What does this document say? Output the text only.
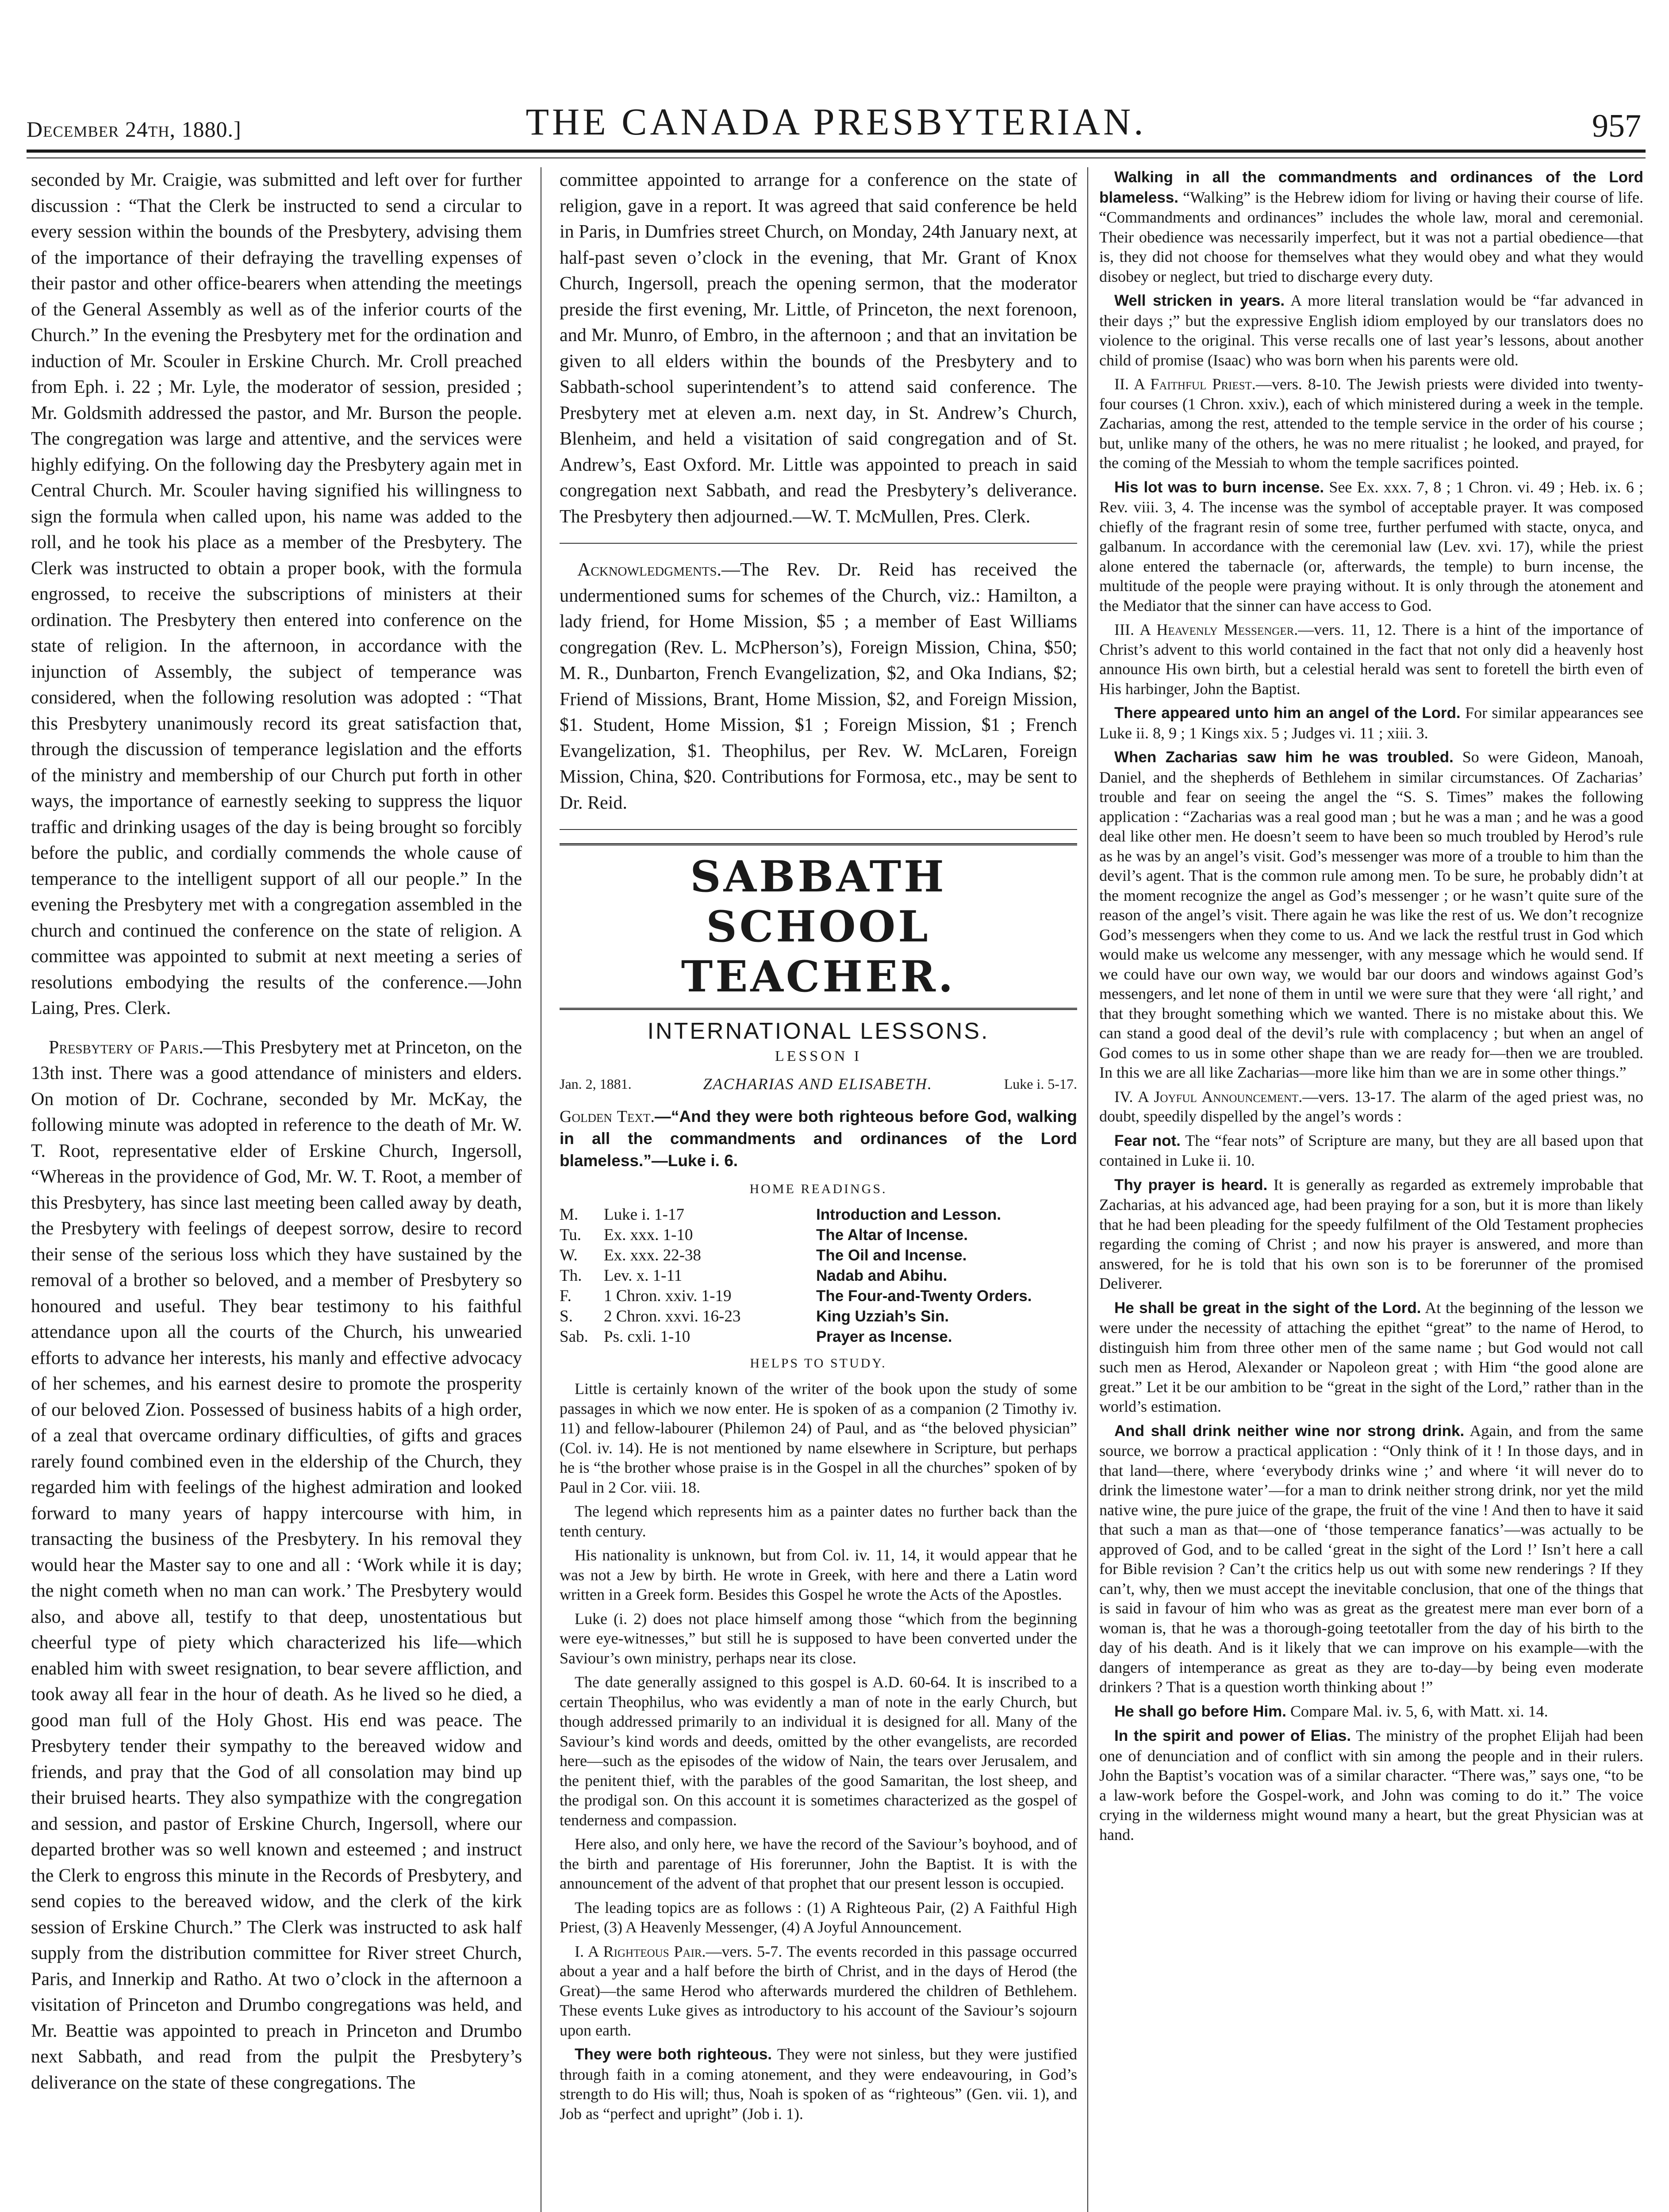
December 24th, 1880.]	THE CANADA PRESBYTERIAN.	957

seconded by Mr. Craigie, was submitted and left over for further discussion : “That the Clerk be instructed to send a circular to every session within the bounds of the Presbytery, advising them of the importance of their defraying the travelling expenses of their pastor and other office-bearers when attending the meetings of the General Assembly as well as of the inferior courts of the Church.” In the evening the Presbytery met for the ordination and induction of Mr. Scouler in Erskine Church. Mr. Croll preached from Eph. i. 22 ; Mr. Lyle, the moderator of session, presided ; Mr. Goldsmith addressed the pastor, and Mr. Burson the people. The congregation was large and attentive, and the services were highly edifying. On the following day the Presbytery again met in Central Church. Mr. Scouler having signified his willingness to sign the formula when called upon, his name was added to the roll, and he took his place as a member of the Presbytery. The Clerk was instructed to obtain a proper book, with the formula engrossed, to receive the subscriptions of ministers at their ordination. The Presbytery then entered into conference on the state of religion. In the afternoon, in accordance with the injunction of Assembly, the subject of temperance was considered, when the following resolution was adopted : “That this Presbytery unanimously record its great satisfaction that, through the discussion of temperance legislation and the efforts of the ministry and membership of our Church put forth in other ways, the importance of earnestly seeking to suppress the liquor traffic and drinking usages of the day is being brought so forcibly before the public, and cordially commends the whole cause of temperance to the intelligent support of all our people.” In the evening the Presbytery met with a congregation assembled in the church and continued the conference on the state of religion. A committee was appointed to submit at next meeting a series of resolutions embodying the results of the conference.—John Laing, Pres. Clerk.

Presbytery of Paris.—This Presbytery met at Princeton, on the 13th inst. There was a good attendance of ministers and elders. On motion of Dr. Cochrane, seconded by Mr. McKay, the following minute was adopted in reference to the death of Mr. W. T. Root, representative elder of Erskine Church, Ingersoll, “Whereas in the providence of God, Mr. W. T. Root, a member of this Presbytery, has since last meeting been called away by death, the Presbytery with feelings of deepest sorrow, desire to record their sense of the serious loss which they have sustained by the removal of a brother so beloved, and a member of Presbytery so honoured and useful. They bear testimony to his faithful attendance upon all the courts of the Church, his unwearied efforts to advance her interests, his manly and effective advocacy of her schemes, and his earnest desire to promote the prosperity of our beloved Zion. Possessed of business habits of a high order, of a zeal that overcame ordinary difficulties, of gifts and graces rarely found combined even in the eldership of the Church, they regarded him with feelings of the highest admiration and looked forward to many years of happy intercourse with him, in transacting the business of the Presbytery. In his removal they would hear the Master say to one and all : ‘Work while it is day; the night cometh when no man can work.’ The Presbytery would also, and above all, testify to that deep, unostentatious but cheerful type of piety which characterized his life—which enabled him with sweet resignation, to bear severe affliction, and took away all fear in the hour of death. As he lived so he died, a good man full of the Holy Ghost. His end was peace. The Presbytery tender their sympathy to the bereaved widow and friends, and pray that the God of all consolation may bind up their bruised hearts. They also sympathize with the congregation and session, and pastor of Erskine Church, Ingersoll, where our departed brother was so well known and esteemed ; and instruct the Clerk to engross this minute in the Records of Presbytery, and send copies to the bereaved widow, and the clerk of the kirk session of Erskine Church.” The Clerk was instructed to ask half supply from the distribution committee for River street Church, Paris, and Innerkip and Ratho. At two o’clock in the afternoon a visitation of Princeton and Drumbo congregations was held, and Mr. Beattie was appointed to preach in Princeton and Drumbo next Sabbath, and read from the pulpit the Presbytery’s deliverance on the state of these congregations. The

committee appointed to arrange for a conference on the state of religion, gave in a report. It was agreed that said conference be held in Paris, in Dumfries street Church, on Monday, 24th January next, at half-past seven o’clock in the evening, that Mr. Grant of Knox Church, Ingersoll, preach the opening sermon, that the moderator preside the first evening, Mr. Little, of Princeton, the next forenoon, and Mr. Munro, of Embro, in the afternoon ; and that an invitation be given to all elders within the bounds of the Presbytery and to Sabbath-school superintendent’s to attend said conference. The Presbytery met at eleven a.m. next day, in St. Andrew’s Church, Blenheim, and held a visitation of said congregation and of St. Andrew’s, East Oxford. Mr. Little was appointed to preach in said congregation next Sabbath, and read the Presbytery’s deliverance. The Presbytery then adjourned.—W. T. McMullen, Pres. Clerk.

Acknowledgments.—The Rev. Dr. Reid has received the undermentioned sums for schemes of the Church, viz.: Hamilton, a lady friend, for Home Mission, $5 ; a member of East Williams congregation (Rev. L. McPherson’s), Foreign Mission, China, $50; M. R., Dunbarton, French Evangelization, $2, and Oka Indians, $2; Friend of Missions, Brant, Home Mission, $2, and Foreign Mission, $1. Student, Home Mission, $1 ; Foreign Mission, $1 ; French Evangelization, $1. Theophilus, per Rev. W. McLaren, Foreign Mission, China, $20. Contributions for Formosa, etc., may be sent to Dr. Reid.

SABBATH SCHOOL TEACHER.
INTERNATIONAL LESSONS.
LESSON I
Jan. 2, 1881.	ZACHARIAS AND ELISABETH.	Luke i. 5-17.
Golden Text.—“And they were both righteous before God, walking in all the commandments and ordinances of the Lord blameless.”—Luke i. 6.
HOME READINGS.
M.	Luke i. 1-17	Introduction and Lesson.
Tu.	Ex. xxx. 1-10	The Altar of Incense.
W.	Ex. xxx. 22-38	The Oil and Incense.
Th.	Lev. x. 1-11	Nadab and Abihu.
F.	1 Chron. xxiv. 1-19	The Four-and-Twenty Orders.
S.	2 Chron. xxvi. 16-23	King Uzziah’s Sin.
Sab.	Ps. cxli. 1-10	Prayer as Incense.
HELPS TO STUDY.

Little is certainly known of the writer of the book upon the study of some passages in which we now enter. He is spoken of as a companion (2 Timothy iv. 11) and fellow-labourer (Philemon 24) of Paul, and as “the beloved physician” (Col. iv. 14). He is not mentioned by name elsewhere in Scripture, but perhaps he is “the brother whose praise is in the Gospel in all the churches” spoken of by Paul in 2 Cor. viii. 18.

The legend which represents him as a painter dates no further back than the tenth century.

His nationality is unknown, but from Col. iv. 11, 14, it would appear that he was not a Jew by birth. He wrote in Greek, with here and there a Latin word written in a Greek form. Besides this Gospel he wrote the Acts of the Apostles.

Luke (i. 2) does not place himself among those “which from the beginning were eye-witnesses,” but still he is supposed to have been converted under the Saviour’s own ministry, perhaps near its close.

The date generally assigned to this gospel is A.D. 60-64. It is inscribed to a certain Theophilus, who was evidently a man of note in the early Church, but though addressed primarily to an individual it is designed for all. Many of the Saviour’s kind words and deeds, omitted by the other evangelists, are recorded here—such as the episodes of the widow of Nain, the tears over Jerusalem, and the penitent thief, with the parables of the good Samaritan, the lost sheep, and the prodigal son. On this account it is sometimes characterized as the gospel of tenderness and compassion.

Here also, and only here, we have the record of the Saviour’s boyhood, and of the birth and parentage of His forerunner, John the Baptist. It is with the announcement of the advent of that prophet that our present lesson is occupied.

The leading topics are as follows : (1) A Righteous Pair, (2) A Faithful High Priest, (3) A Heavenly Messenger, (4) A Joyful Announcement.

I. A Righteous Pair.—vers. 5-7. The events recorded in this passage occurred about a year and a half before the birth of Christ, and in the days of Herod (the Great)—the same Herod who afterwards murdered the children of Bethlehem. These events Luke gives as introductory to his account of the Saviour’s sojourn upon earth.

They were both righteous. They were not sinless, but they were justified through faith in a coming atonement, and they were endeavouring, in God’s strength to do His will; thus, Noah is spoken of as “righteous” (Gen. vii. 1), and Job as “perfect and upright” (Job i. 1).

Walking in all the commandments and ordinances of the Lord blameless. “Walking” is the Hebrew idiom for living or having their course of life. “Commandments and ordinances” includes the whole law, moral and ceremonial. Their obedience was necessarily imperfect, but it was not a partial obedience—that is, they did not choose for themselves what they would obey and what they would disobey or neglect, but tried to discharge every duty.

Well stricken in years. A more literal translation would be “far advanced in their days ;” but the expressive English idiom employed by our translators does no violence to the original. This verse recalls one of last year’s lessons, about another child of promise (Isaac) who was born when his parents were old.

II. A Faithful Priest.—vers. 8-10. The Jewish priests were divided into twenty-four courses (1 Chron. xxiv.), each of which ministered during a week in the temple. Zacharias, among the rest, attended to the temple service in the order of his course ; but, unlike many of the others, he was no mere ritualist ; he looked, and prayed, for the coming of the Messiah to whom the temple sacrifices pointed.

His lot was to burn incense. See Ex. xxx. 7, 8 ; 1 Chron. vi. 49 ; Heb. ix. 6 ; Rev. viii. 3, 4. The incense was the symbol of acceptable prayer. It was composed chiefly of the fragrant resin of some tree, further perfumed with stacte, onyca, and galbanum. In accordance with the ceremonial law (Lev. xvi. 17), while the priest alone entered the tabernacle (or, afterwards, the temple) to burn incense, the multitude of the people were praying without. It is only through the atonement and the Mediator that the sinner can have access to God.

III. A Heavenly Messenger.—vers. 11, 12. There is a hint of the importance of Christ’s advent to this world contained in the fact that not only did a heavenly host announce His own birth, but a celestial herald was sent to foretell the birth even of His harbinger, John the Baptist.

There appeared unto him an angel of the Lord. For similar appearances see Luke ii. 8, 9 ; 1 Kings xix. 5 ; Judges vi. 11 ; xiii. 3.

When Zacharias saw him he was troubled. So were Gideon, Manoah, Daniel, and the shepherds of Bethlehem in similar circumstances. Of Zacharias’ trouble and fear on seeing the angel the “S. S. Times” makes the following application : “Zacharias was a real good man ; but he was a man ; and he was a good deal like other men. He doesn’t seem to have been so much troubled by Herod’s rule as he was by an angel’s visit. God’s messenger was more of a trouble to him than the devil’s agent. That is the common rule among men. To be sure, he probably didn’t at the moment recognize the angel as God’s messenger ; or he wasn’t quite sure of the reason of the angel’s visit. There again he was like the rest of us. We don’t recognize God’s messengers when they come to us. And we lack the restful trust in God which would make us welcome any messenger, with any message which he would send. If we could have our own way, we would bar our doors and windows against God’s messengers, and let none of them in until we were sure that they were ‘all right,’ and that they brought something which we wanted. There is no mistake about this. We can stand a good deal of the devil’s rule with complacency ; but when an angel of God comes to us in some other shape than we are ready for—then we are troubled. In this we are all like Zacharias—more like him than we are in some other things.”

IV. A Joyful Announcement.—vers. 13-17. The alarm of the aged priest was, no doubt, speedily dispelled by the angel’s words :

Fear not. The “fear nots” of Scripture are many, but they are all based upon that contained in Luke ii. 10.

Thy prayer is heard. It is generally as regarded as extremely improbable that Zacharias, at his advanced age, had been praying for a son, but it is more than likely that he had been pleading for the speedy fulfilment of the Old Testament prophecies regarding the coming of Christ ; and now his prayer is answered, and more than answered, for he is told that his own son is to be forerunner of the promised Deliverer.

He shall be great in the sight of the Lord. At the beginning of the lesson we were under the necessity of attaching the epithet “great” to the name of Herod, to distinguish him from three other men of the same name ; but God would not call such men as Herod, Alexander or Napoleon great ; with Him “the good alone are great.” Let it be our ambition to be “great in the sight of the Lord,” rather than in the world’s estimation.

And shall drink neither wine nor strong drink. Again, and from the same source, we borrow a practical application : “Only think of it ! In those days, and in that land—there, where ‘everybody drinks wine ;’ and where ‘it will never do to drink the limestone water’—for a man to drink neither strong drink, nor yet the mild native wine, the pure juice of the grape, the fruit of the vine ! And then to have it said that such a man as that—one of ‘those temperance fanatics’—was actually to be approved of God, and to be called ‘great in the sight of the Lord !’ Isn’t here a call for Bible revision ? Can’t the critics help us out with some new renderings ? If they can’t, why, then we must accept the inevitable conclusion, that one of the things that is said in favour of him who was as great as the greatest mere man ever born of a woman is, that he was a thorough-going teetotaller from the day of his birth to the day of his death. And is it likely that we can improve on his example—with the dangers of intemperance as great as they are to-day—by being even moderate drinkers ? That is a question worth thinking about !”

He shall go before Him. Compare Mal. iv. 5, 6, with Matt. xi. 14.

In the spirit and power of Elias. The ministry of the prophet Elijah had been one of denunciation and of conflict with sin among the people and in their rulers. John the Baptist’s vocation was of a similar character. “There was,” says one, “to be a law-work before the Gospel-work, and John was coming to do it.” The voice crying in the wilderness might wound many a heart, but the great Physician was at hand.
